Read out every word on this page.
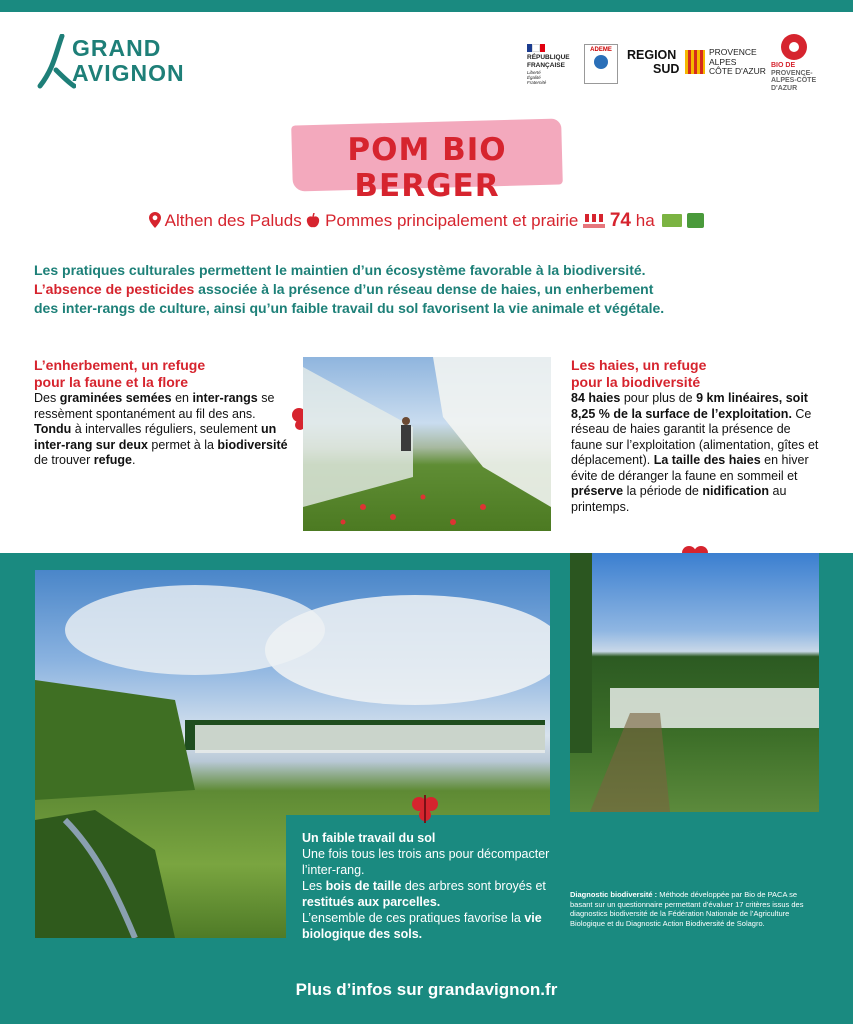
GRAND
AVIGNON
RÉPUBLIQUE
FRANÇAISE
Liberté
Égalité
Fraternité
ADEME	REGION
SUD
PROVENCE
ALPES
CÔTE D'AZUR
BIO DE
PROVENCE-
ALPES-CÔTE
D'AZUR
POM BIO BERGER
Althen des Paluds Pommes principalement et prairie 74 ha
Les pratiques culturales permettent le maintien d’un écosystème favorable à la biodiversité.
L’absence de pesticides associée à la présence d’un réseau dense de haies, un enherbement
des inter-rangs de culture, ainsi qu’un faible travail du sol favorisent la vie animale et végétale.
L’enherbement, un refuge
pour la faune et la flore

Des graminées semées en inter-rangs se ressèment spontanément au fil des ans. Tondu à intervalles réguliers, seulement un inter-rang sur deux permet à la biodiversité de trouver refuge.

Les haies, un refuge
pour la biodiversité

84 haies pour plus de 9 km linéaires, soit 8,25 % de la surface de l’exploitation. Ce réseau de haies garantit la présence de faune sur l’exploitation (alimentation, gîtes et déplacement). La taille des haies en hiver évite de déranger la faune en sommeil et préserve la période de nidification au printemps.

Un faible travail du sol
Une fois tous les trois ans pour décompacter l’inter-rang.
Les bois de taille des arbres sont broyés et restitués aux parcelles.
L’ensemble de ces pratiques favorise la vie biologique des sols.
Diagnostic biodiversité : Méthode développée par Bio de PACA se basant sur un questionnaire permettant d’évaluer 17 critères issus des diagnostics biodiversité de la Fédération Nationale de l’Agriculture Biologique et du Diagnostic Action Biodiversité de Solagro.
Plus d’infos sur grandavignon.fr
